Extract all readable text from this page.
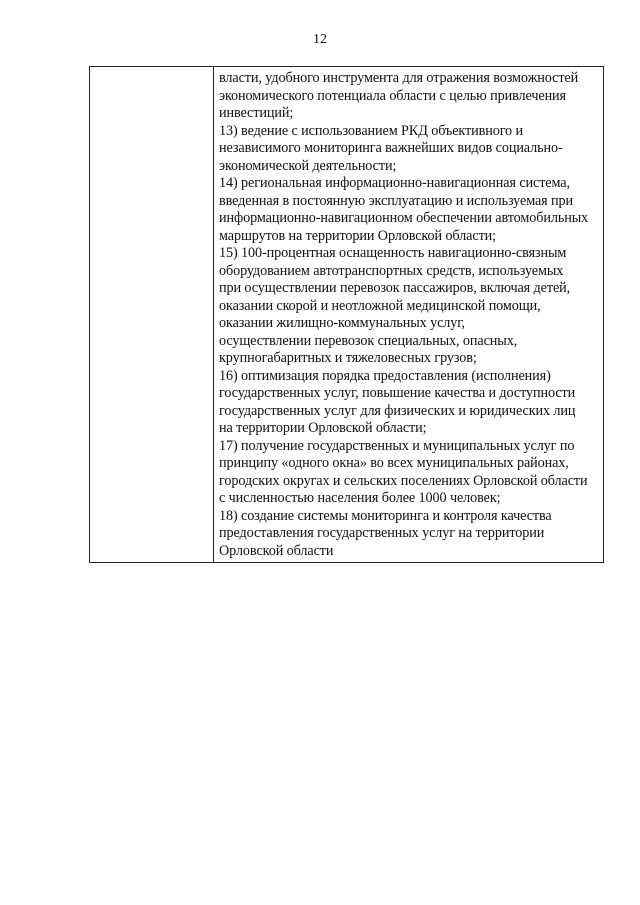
12
власти, удобного инструмента для отражения возможностей
экономического потенциала области с целью привлечения
инвестиций;
13) ведение с использованием РКД объективного и
независимого мониторинга важнейших видов социально-
экономической деятельности;
14) региональная информационно-навигационная система,
введенная в постоянную эксплуатацию и используемая при
информационно-навигационном обеспечении автомобильных
маршрутов на территории Орловской области;
15) 100-процентная оснащенность навигационно-связным
оборудованием автотранспортных средств, используемых
при осуществлении перевозок пассажиров, включая детей,
оказании скорой и неотложной медицинской помощи,
оказании жилищно-коммунальных услуг,
осуществлении перевозок специальных, опасных,
крупногабаритных и тяжеловесных грузов;
16) оптимизация порядка предоставления (исполнения)
государственных услуг, повышение качества и доступности
государственных услуг для физических и юридических лиц
на территории Орловской области;
17) получение государственных и муниципальных услуг по
принципу «одного окна» во всех муниципальных районах,
городских округах и сельских поселениях Орловской области
с численностью населения более 1000 человек;
18) создание системы мониторинга и контроля качества
предоставления государственных услуг на территории
Орловской области
